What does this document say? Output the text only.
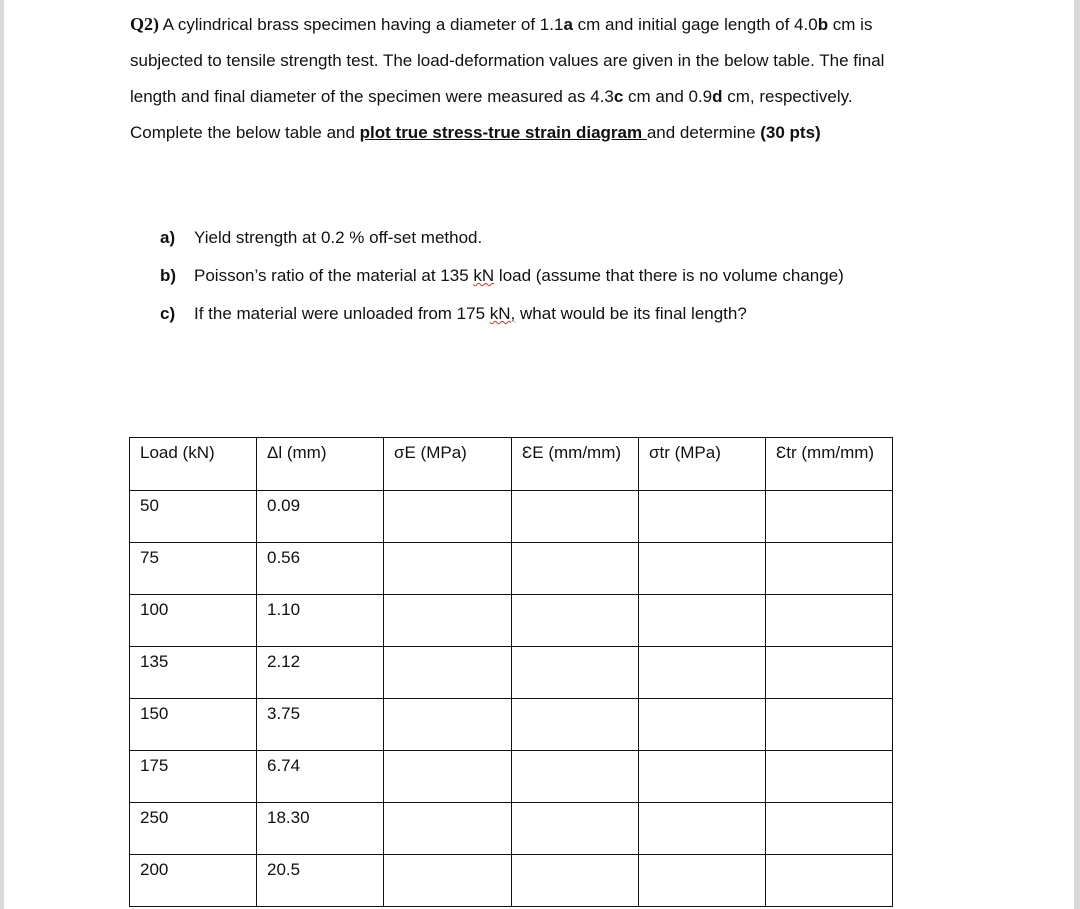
Q2) A cylindrical brass specimen having a diameter of 1.1a cm and initial gage length of 4.0b cm is

subjected to tensile strength test. The load-deformation values are given in the below table. The final

length and final diameter of the specimen were measured as 4.3c cm and 0.9d cm, respectively.

Complete the below table and plot true stress-true strain diagram and determine (30 pts)

a) Yield strength at 0.2 % off-set method.
b) Poisson’s ratio of the material at 135 kN load (assume that there is no volume change)
c) If the material were unloaded from 175 kN, what would be its final length?
Load (kN)	Δl (mm)	σE (MPa)	ƐE (mm/mm)	σtr (MPa)	Ɛtr (mm/mm)
50	0.09				
75	0.56				
100	1.10				
135	2.12				
150	3.75				
175	6.74				
250	18.30				
200	20.5				
